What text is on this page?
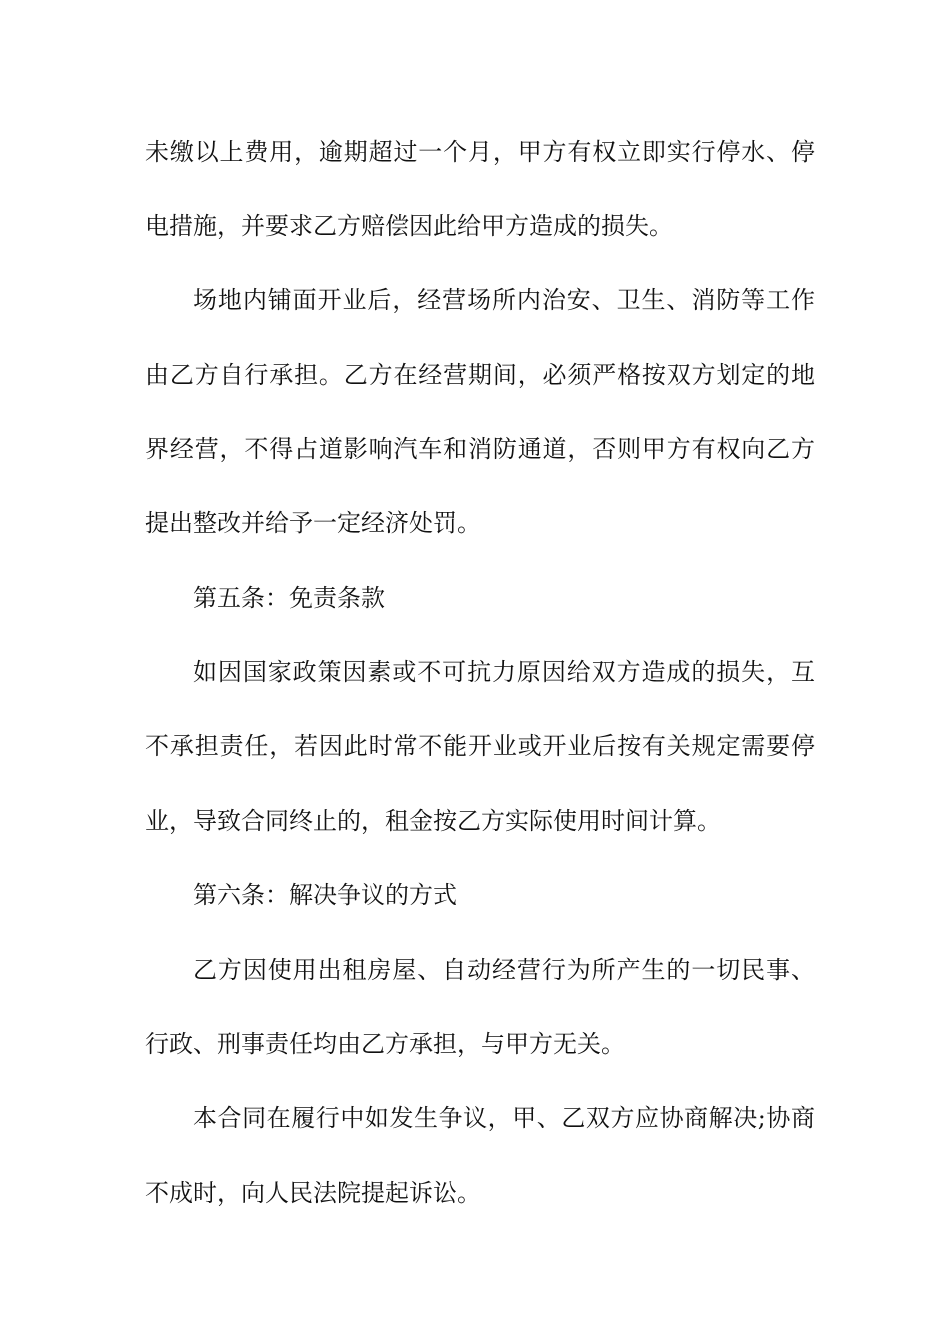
未缴以上费用，逾期超过一个月，甲方有权立即实行停水、停
电措施，并要求乙方赔偿因此给甲方造成的损失。
场地内铺面开业后，经营场所内治安、卫生、消防等工作
由乙方自行承担。乙方在经营期间，必须严格按双方划定的地
界经营，不得占道影响汽车和消防通道，否则甲方有权向乙方
提出整改并给予一定经济处罚。
第五条：免责条款
如因国家政策因素或不可抗力原因给双方造成的损失，互
不承担责任，若因此时常不能开业或开业后按有关规定需要停
业，导致合同终止的，租金按乙方实际使用时间计算。
第六条：解决争议的方式
乙方因使用出租房屋、自动经营行为所产生的一切民事、
行政、刑事责任均由乙方承担，与甲方无关。
本合同在履行中如发生争议，甲、乙双方应协商解决;协商
不成时，向人民法院提起诉讼。
